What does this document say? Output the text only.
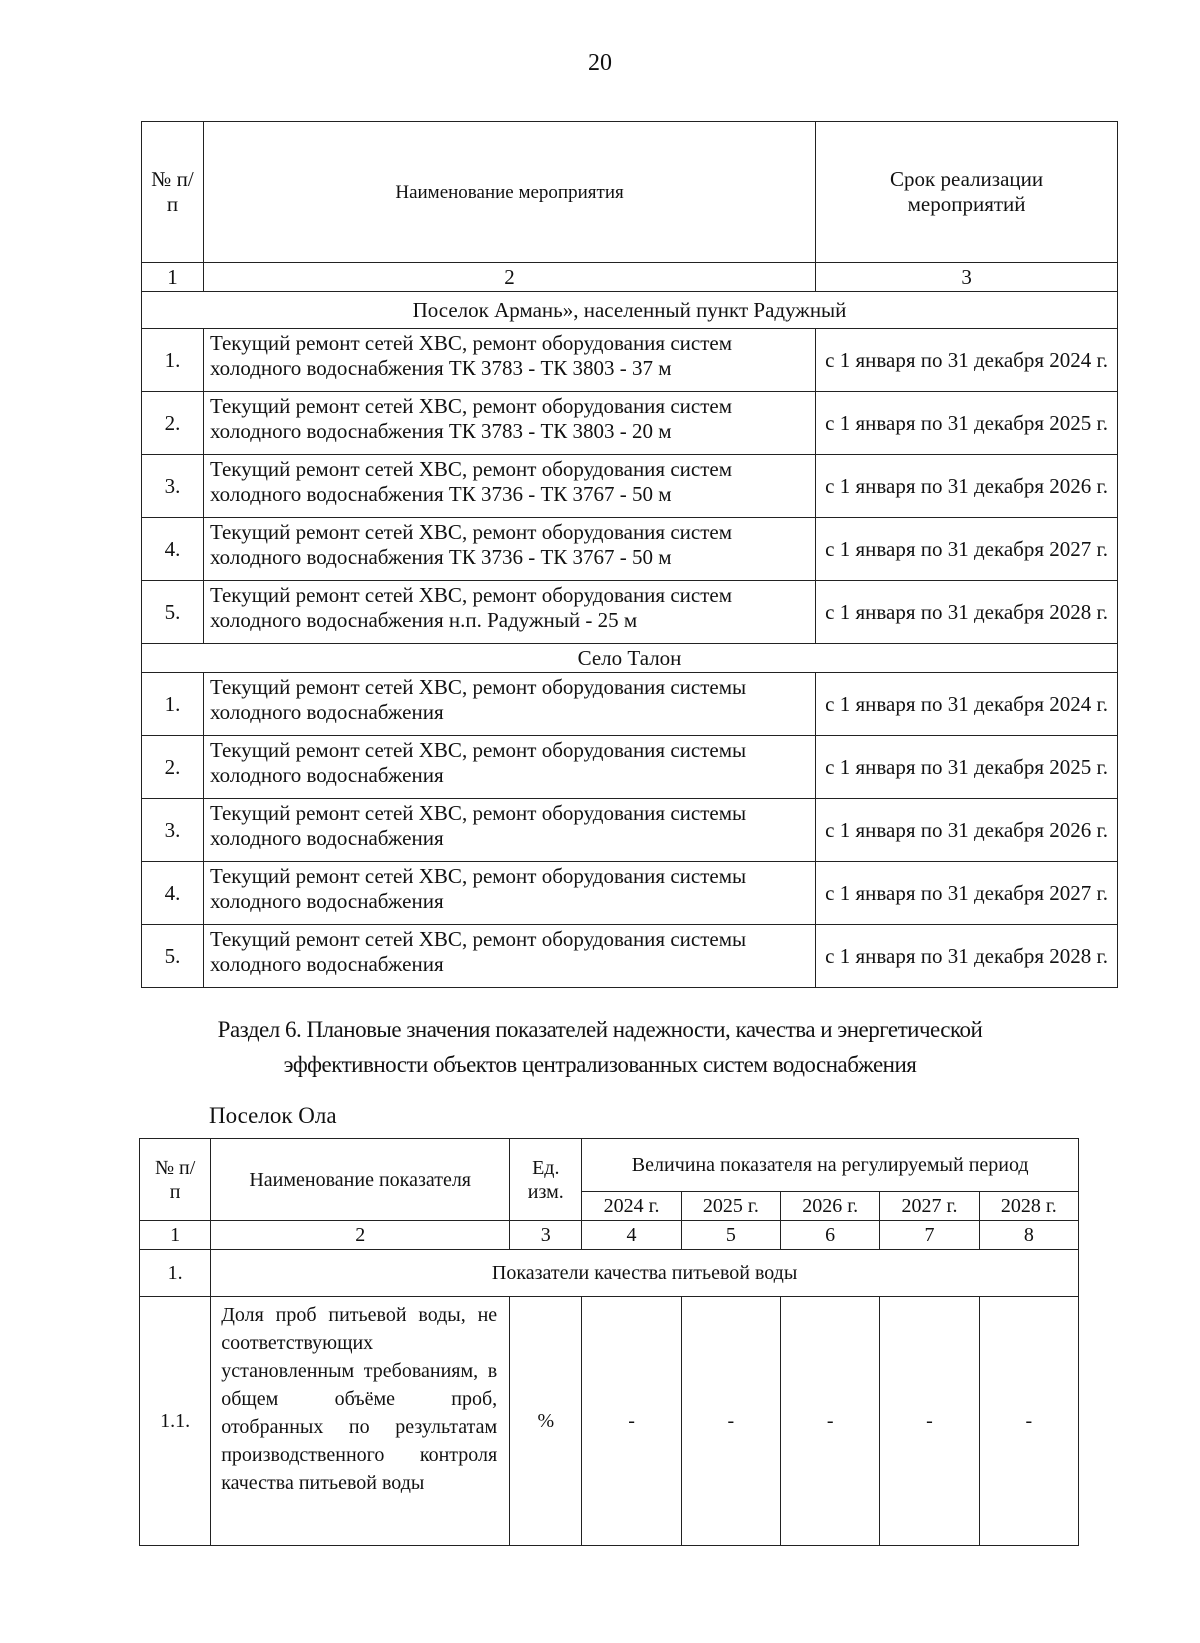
20
№ п/п	Наименование мероприятия	Срок реализации мероприятий
1	2	3
Поселок Армань», населенный пункт Радужный		
1.	Текущий ремонт сетей ХВС, ремонт оборудования систем холодного водоснабжения ТК 3783 - ТК 3803 - 37 м	с 1 января по 31 декабря 2024 г.
2.	Текущий ремонт сетей ХВС, ремонт оборудования систем холодного водоснабжения ТК 3783 - ТК 3803 - 20 м	с 1 января по 31 декабря 2025 г.
3.	Текущий ремонт сетей ХВС, ремонт оборудования систем холодного водоснабжения ТК 3736 - ТК 3767 - 50 м	с 1 января по 31 декабря 2026 г.
4.	Текущий ремонт сетей ХВС, ремонт оборудования систем холодного водоснабжения ТК 3736 - ТК 3767 - 50 м	с 1 января по 31 декабря 2027 г.
5.	Текущий ремонт сетей ХВС, ремонт оборудования систем холодного водоснабжения н.п. Радужный - 25 м	с 1 января по 31 декабря 2028 г.
Село Талон		
1.	Текущий ремонт сетей ХВС, ремонт оборудования системы холодного водоснабжения	с 1 января по 31 декабря 2024 г.
2.	Текущий ремонт сетей ХВС, ремонт оборудования системы холодного водоснабжения	с 1 января по 31 декабря 2025 г.
3.	Текущий ремонт сетей ХВС, ремонт оборудования системы холодного водоснабжения	с 1 января по 31 декабря 2026 г.
4.	Текущий ремонт сетей ХВС, ремонт оборудования системы холодного водоснабжения	с 1 января по 31 декабря 2027 г.
5.	Текущий ремонт сетей ХВС, ремонт оборудования системы холодного водоснабжения	с 1 января по 31 декабря 2028 г.
Раздел 6. Плановые значения показателей надежности, качества и энергетической
эффективности объектов централизованных систем водоснабжения
Поселок Ола
№ п/п	Наименование показателя	Ед. изм.	Величина показателя на регулируемый период				
			2024 г.	2025 г.	2026 г.	2027 г.	2028 г.
1	2	3	4	5	6	7	8
1.	Показатели качества питьевой воды						
1.1.	Доля проб питьевой воды, не соответствующих установленным требованиям, в общем объёме проб, отобранных по результатам производственного контроля качества питьевой воды	%	-	-	-	-	-
